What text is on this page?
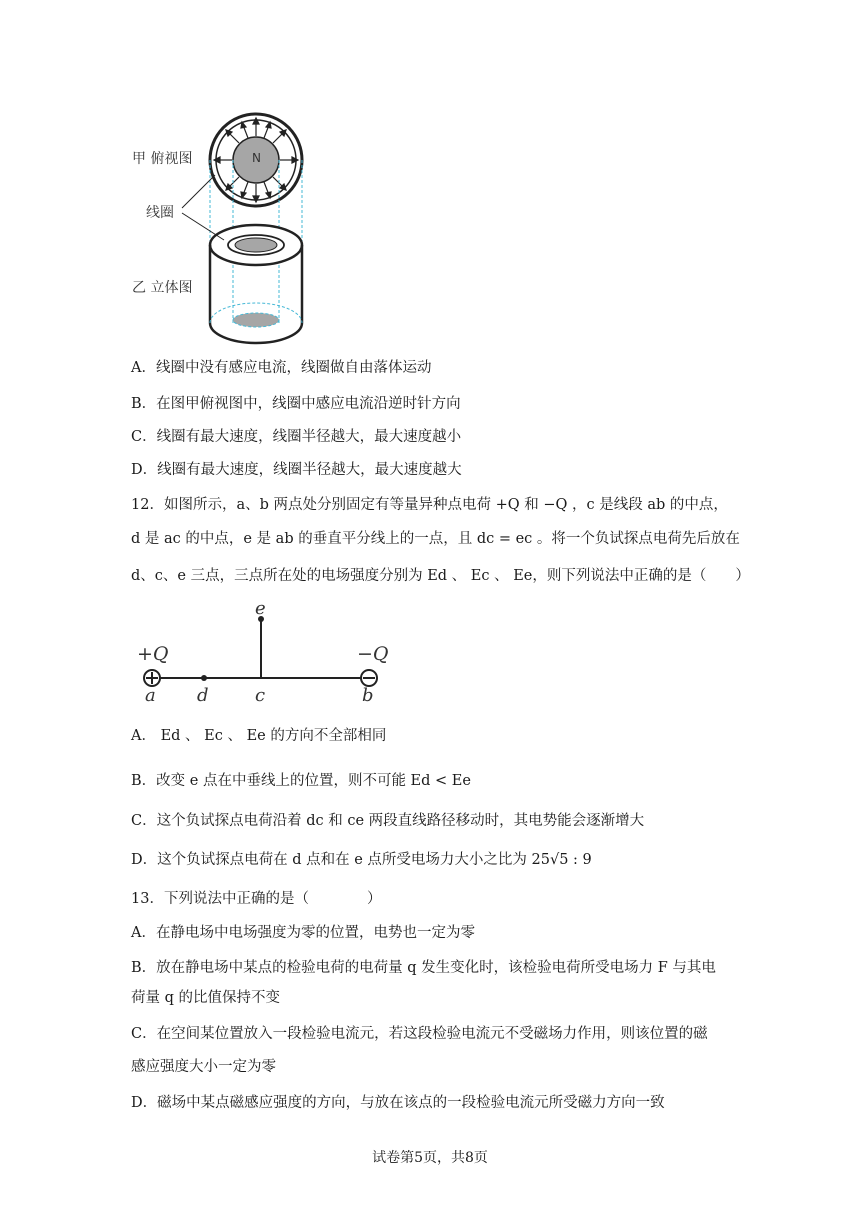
N
甲 俯视图
线圈
乙 立体图
A．线圈中没有感应电流，线圈做自由落体运动
B．在图甲俯视图中，线圈中感应电流沿逆时针方向
C．线圈有最大速度，线圈半径越大，最大速度越小
D．线圈有最大速度，线圈半径越大，最大速度越大
12．如图所示，a、b 两点处分别固定有等量异种点电荷 +Q 和 −Q ，c 是线段 ab 的中点，
d 是 ac 的中点，e 是 ab 的垂直平分线上的一点，且 dc = ec 。将一个负试探点电荷先后放在
d、c、e 三点，三点所在处的电场强度分别为 Ed 、 Ec 、 Ee，则下列说法中正确的是（　　）
+Q	−Q
a d	c	b
e
A． Ed 、 Ec 、 Ee 的方向不全部相同
B．改变 e 点在中垂线上的位置，则不可能 Ed < Ee
C．这个负试探点电荷沿着 dc 和 ce 两段直线路径移动时，其电势能会逐渐增大
D．这个负试探点电荷在 d 点和在 e 点所受电场力大小之比为 25√5 : 9
13．下列说法中正确的是（　　　　）
A．在静电场中电场强度为零的位置，电势也一定为零
B．放在静电场中某点的检验电荷的电荷量 q 发生变化时，该检验电荷所受电场力 F 与其电
荷量 q 的比值保持不变
C．在空间某位置放入一段检验电流元，若这段检验电流元不受磁场力作用，则该位置的磁
感应强度大小一定为零
D．磁场中某点磁感应强度的方向，与放在该点的一段检验电流元所受磁力方向一致
试卷第5页，共8页
